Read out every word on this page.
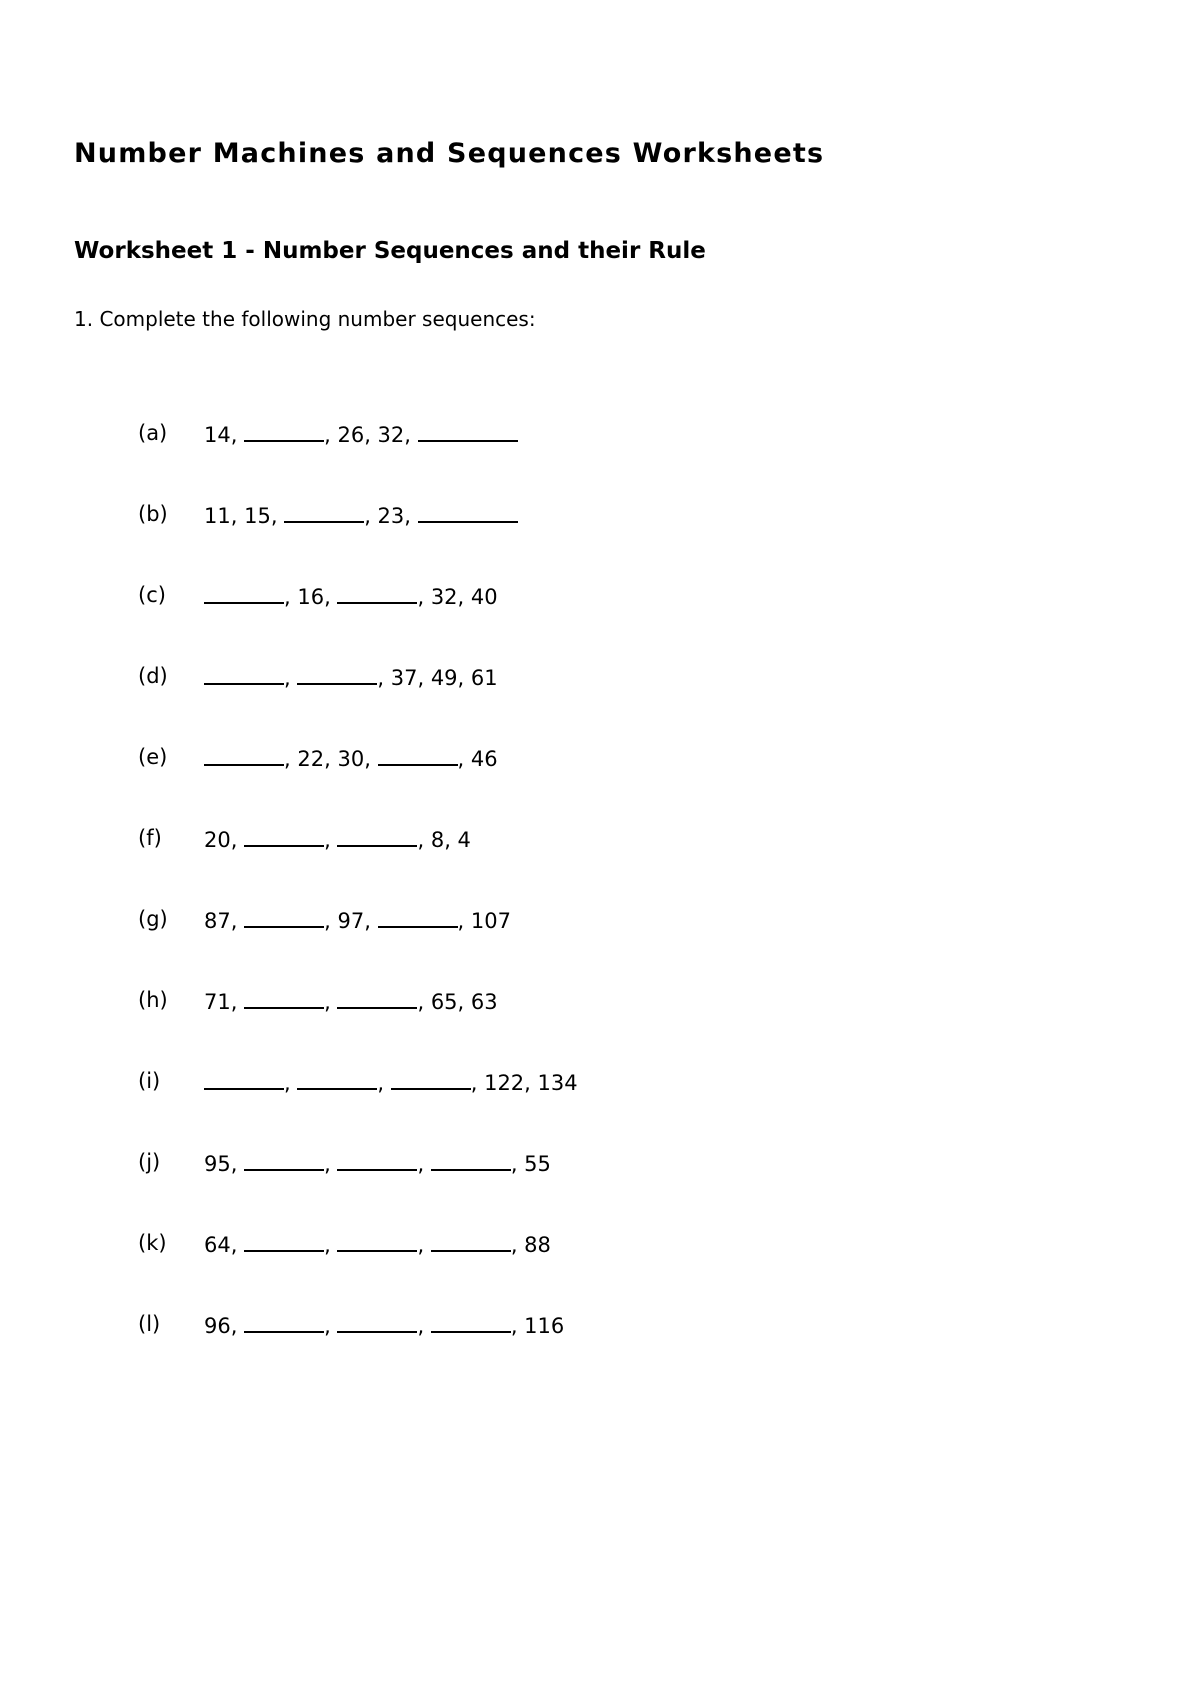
Number Machines and Sequences Worksheets
Worksheet 1 - Number Sequences and their Rule

1. Complete the following number sequences:

(a) 14 ,	, 26 , 32 ,
(b) 11 , 15 ,	, 23 ,
(c)	, 16 ,	, 32 , 40
(d)	,	, 37 , 49 , 61
(e)	, 22 , 30 ,	, 46
(f) 20 ,	,	, 8 , 4
(g) 87 ,	, 97 ,	, 107
(h) 71 ,	,	, 65 , 63
(i)	,	,	, 122 , 134
(j) 95 ,	,	,	, 55
(k) 64 ,	,	,	, 88
(l) 96 ,	,	,	, 116
